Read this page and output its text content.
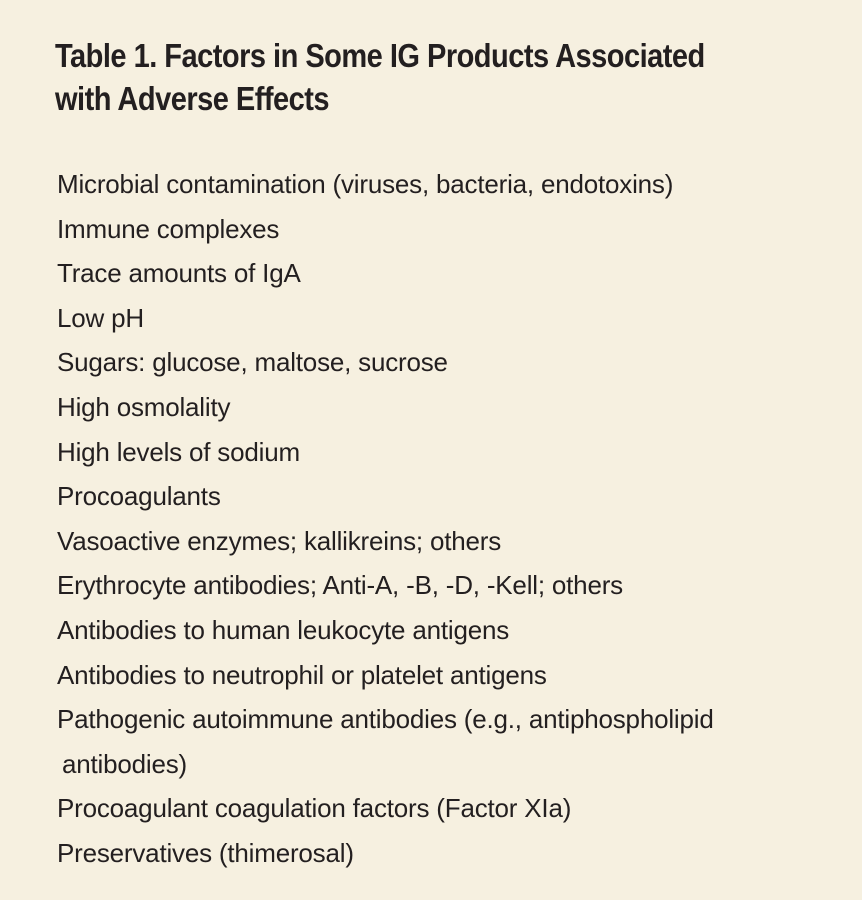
Table 1. Factors in Some IG Products Associated
with Adverse Effects
Microbial contamination (viruses, bacteria, endotoxins)
Immune complexes
Trace amounts of IgA
Low pH
Sugars: glucose, maltose, sucrose
High osmolality
High levels of sodium
Procoagulants
Vasoactive enzymes; kallikreins; others
Erythrocyte antibodies; Anti-A, -B, -D, -Kell; others
Antibodies to human leukocyte antigens
Antibodies to neutrophil or platelet antigens
Pathogenic autoimmune antibodies (e.g., antiphospholipid
antibodies)
Procoagulant coagulation factors (Factor XIa)
Preservatives (thimerosal)
